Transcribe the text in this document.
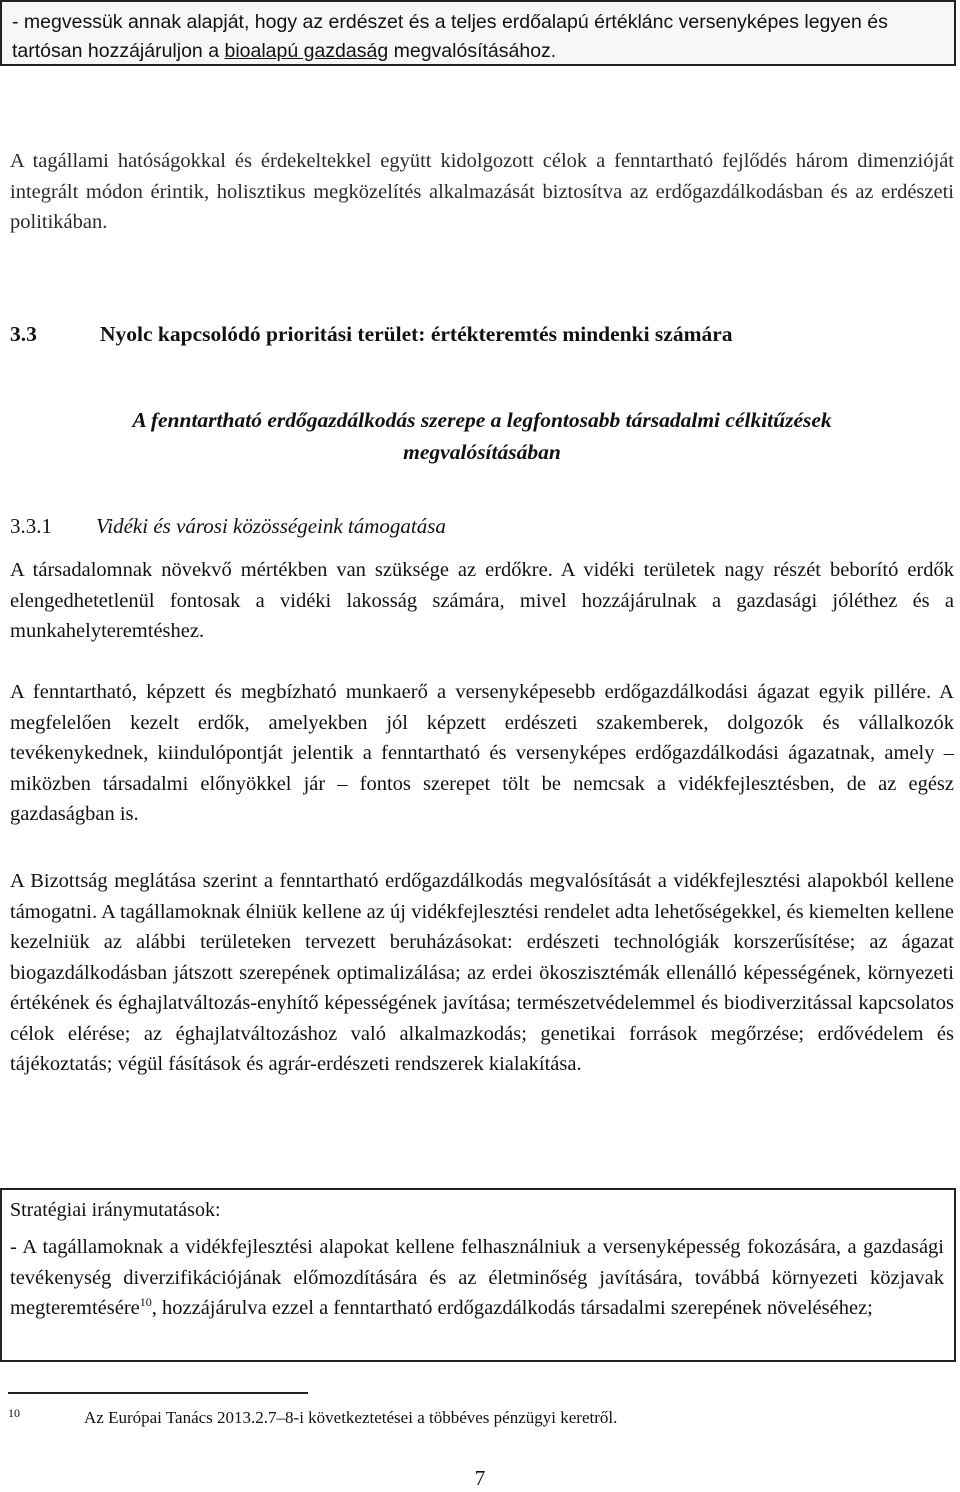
- megvessük annak alapját, hogy az erdészet és a teljes erdőalapú értéklánc versenyképes legyen és
tartósan hozzájáruljon a bioalapú gazdaság megvalósításához.
A tagállami hatóságokkal és érdekeltekkel együtt kidolgozott célok a fenntartható fejlődés három dimenzióját integrált módon érintik, holisztikus megközelítés alkalmazását biztosítva az erdőgazdálkodásban és az erdészeti politikában.
3.3	Nyolc kapcsolódó prioritási terület: értékteremtés mindenki számára
A fenntartható erdőgazdálkodás szerepe a legfontosabb társadalmi célkitűzések
megvalósításában
3.3.1 Vidéki és városi közösségeink támogatása
A társadalomnak növekvő mértékben van szüksége az erdőkre. A vidéki területek nagy részét beborító erdők elengedhetetlenül fontosak a vidéki lakosság számára, mivel hozzájárulnak a gazdasági jóléthez és a munkahelyteremtéshez.
A fenntartható, képzett és megbízható munkaerő a versenyképesebb erdőgazdálkodási ágazat egyik pillére. A megfelelően kezelt erdők, amelyekben jól képzett erdészeti szakemberek, dolgozók és vállalkozók tevékenykednek, kiindulópontját jelentik a fenntartható és versenyképes erdőgazdálkodási ágazatnak, amely – miközben társadalmi előnyökkel jár – fontos szerepet tölt be nemcsak a vidékfejlesztésben, de az egész gazdaságban is.
A Bizottság meglátása szerint a fenntartható erdőgazdálkodás megvalósítását a vidékfejlesztési alapokból kellene támogatni. A tagállamoknak élniük kellene az új vidékfejlesztési rendelet adta lehetőségekkel, és kiemelten kellene kezelniük az alábbi területeken tervezett beruházásokat: erdészeti technológiák korszerűsítése; az ágazat biogazdálkodásban játszott szerepének optimalizálása; az erdei ökoszisztémák ellenálló képességének, környezeti értékének és éghajlatváltozás-enyhítő képességének javítása; természetvédelemmel és biodiverzitással kapcsolatos célok elérése; az éghajlatváltozáshoz való alkalmazkodás; genetikai források megőrzése; erdővédelem és tájékoztatás; végül fásítások és agrár-erdészeti rendszerek kialakítása.
Stratégiai iránymutatások:
- A tagállamoknak a vidékfejlesztési alapokat kellene felhasználniuk a versenyképesség fokozására, a gazdasági tevékenység diverzifikációjának előmozdítására és az életminőség javítására, továbbá környezeti közjavak megteremtésére$^{10}$, hozzájárulva ezzel a fenntartható erdőgazdálkodás társadalmi szerepének növeléséhez;
10	Az Európai Tanács 2013.2.7–8-i következtetései a többéves pénzügyi keretről.
7
